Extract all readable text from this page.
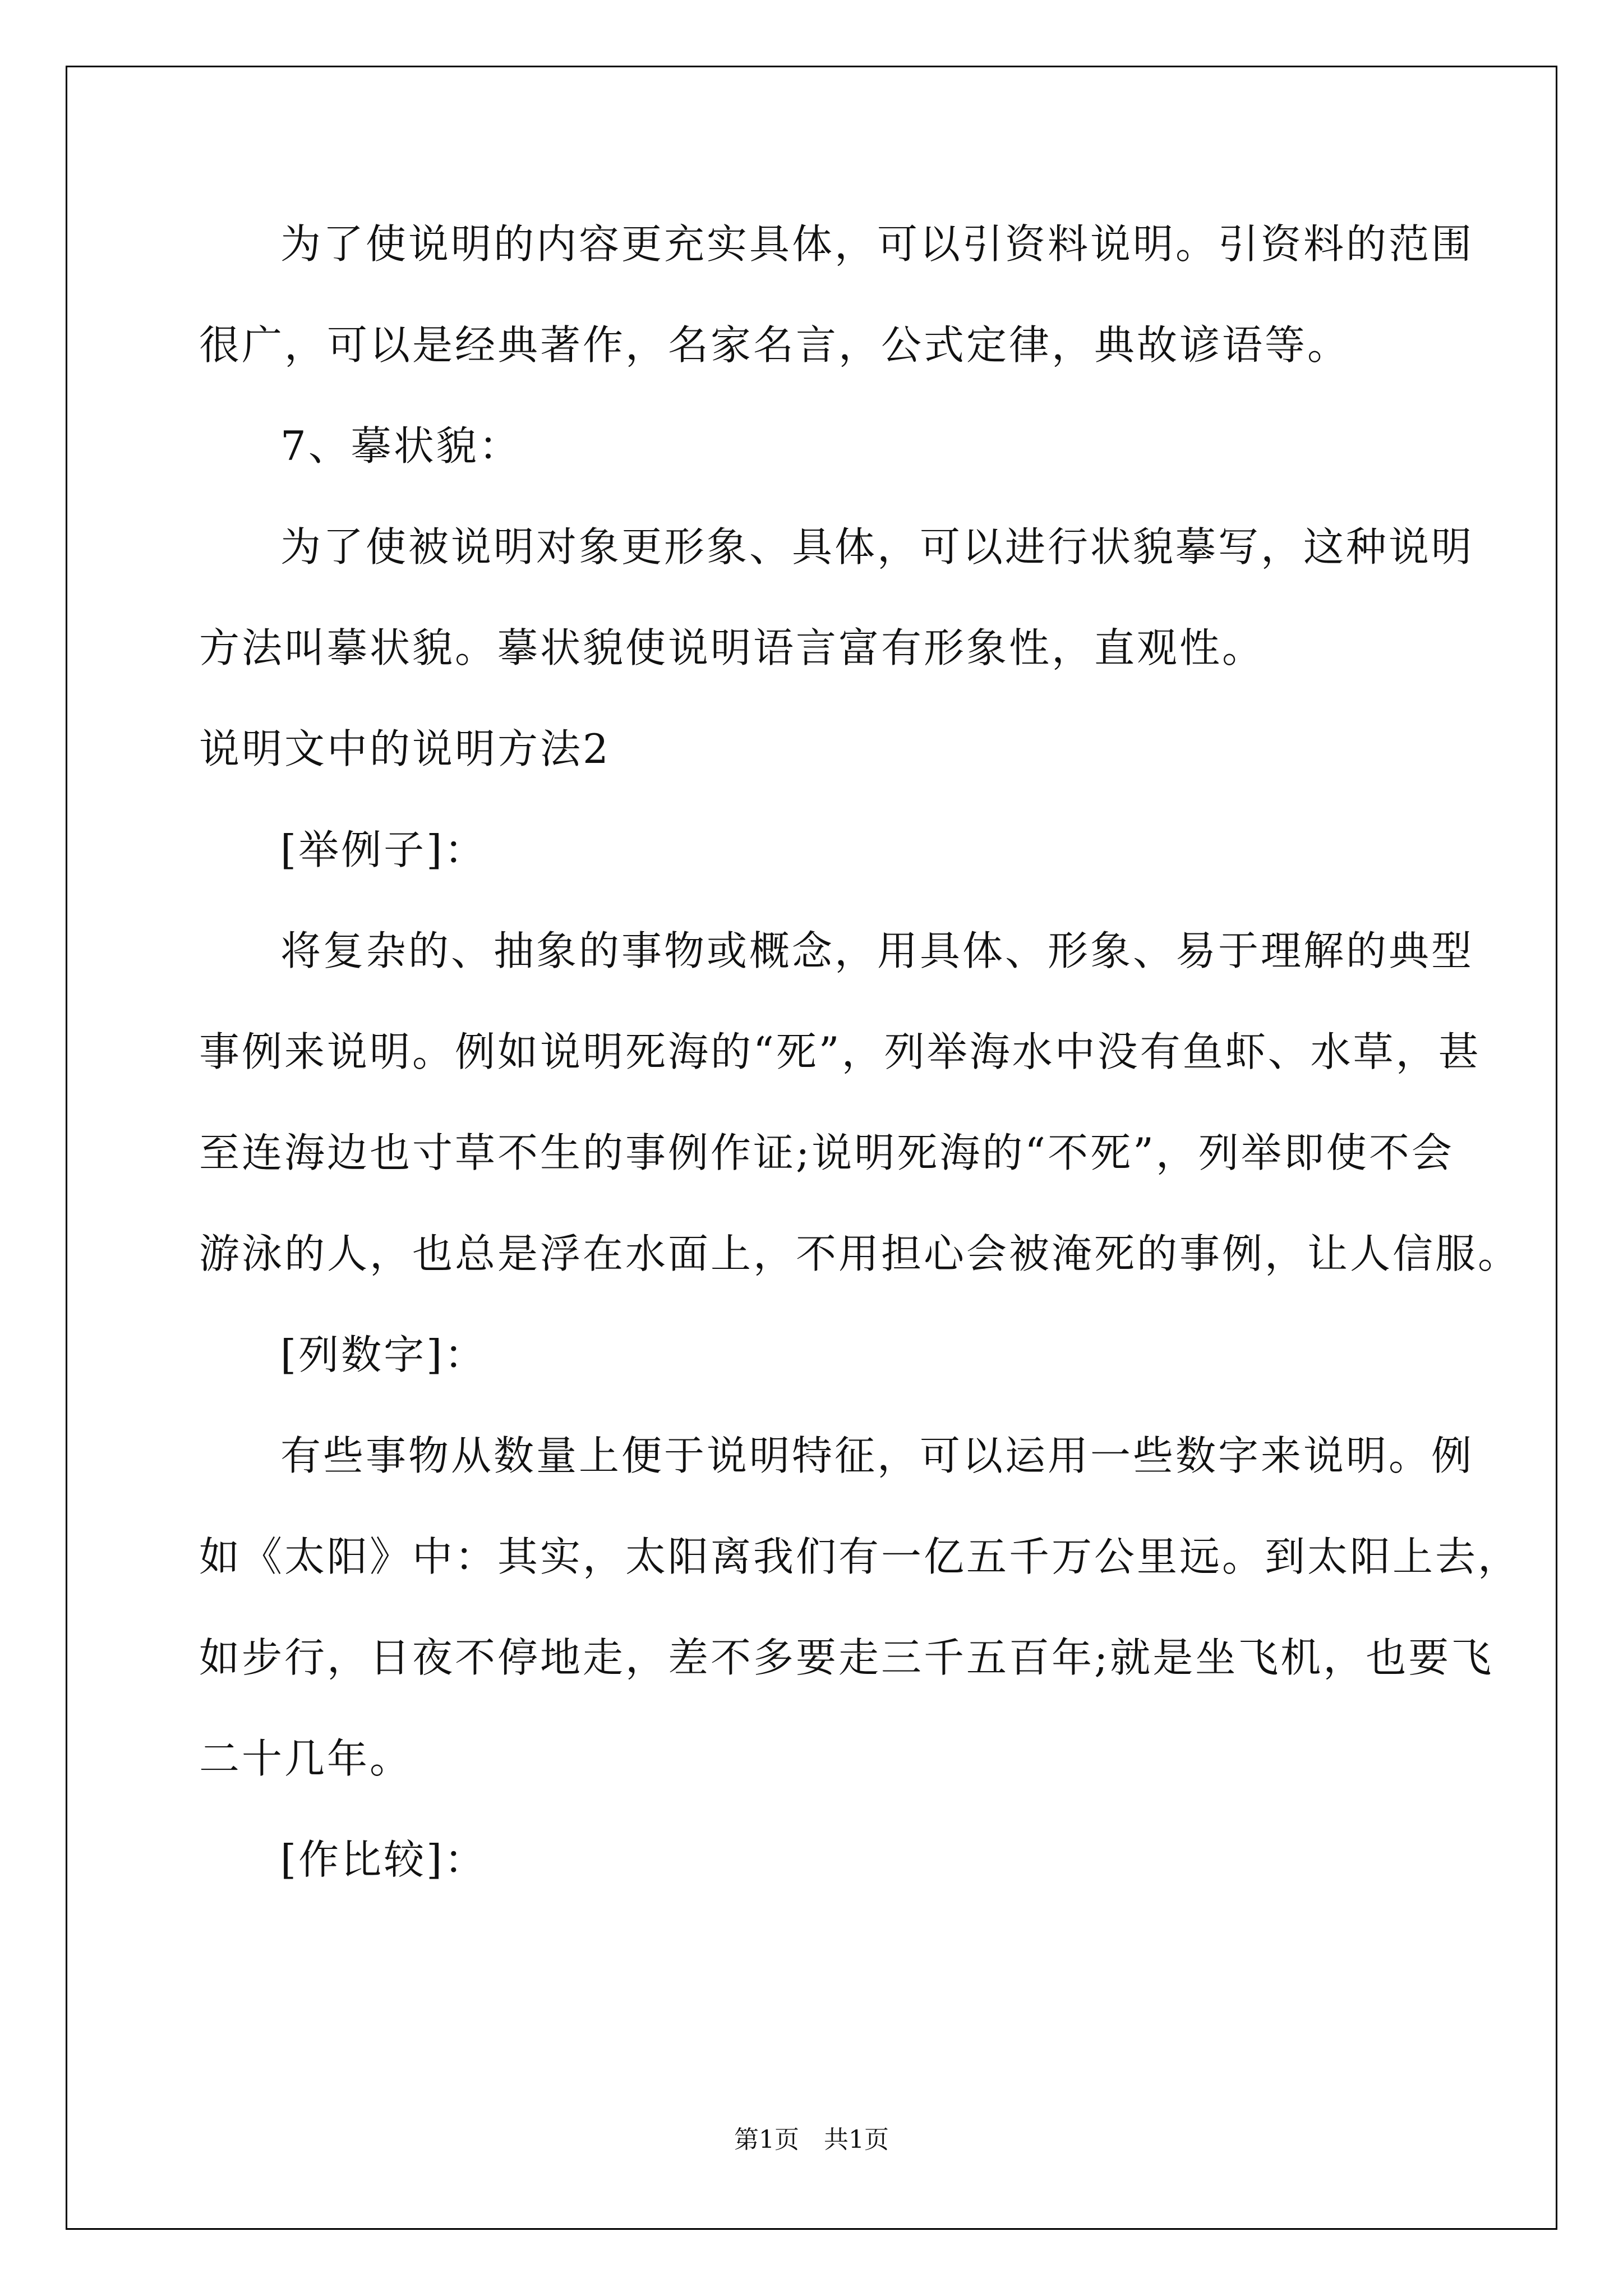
为了使说明的内容更充实具体，可以引资料说明。引资料的范围
很广，可以是经典著作，名家名言，公式定律，典故谚语等。
7、摹状貌：
为了使被说明对象更形象、具体，可以进行状貌摹写，这种说明
方法叫摹状貌。摹状貌使说明语言富有形象性，直观性。
说明文中的说明方法2
[举例子]：
将复杂的、抽象的事物或概念，用具体、形象、易于理解的典型
事例来说明。例如说明死海的“死”，列举海水中没有鱼虾、水草，甚
至连海边也寸草不生的事例作证;说明死海的“不死”，列举即使不会
游泳的人，也总是浮在水面上，不用担心会被淹死的事例，让人信服。
[列数字]：
有些事物从数量上便于说明特征，可以运用一些数字来说明。例
如《太阳》中：其实，太阳离我们有一亿五千万公里远。到太阳上去，
如步行，日夜不停地走，差不多要走三千五百年;就是坐飞机，也要飞
二十几年。
[作比较]：
第1页　共1页
